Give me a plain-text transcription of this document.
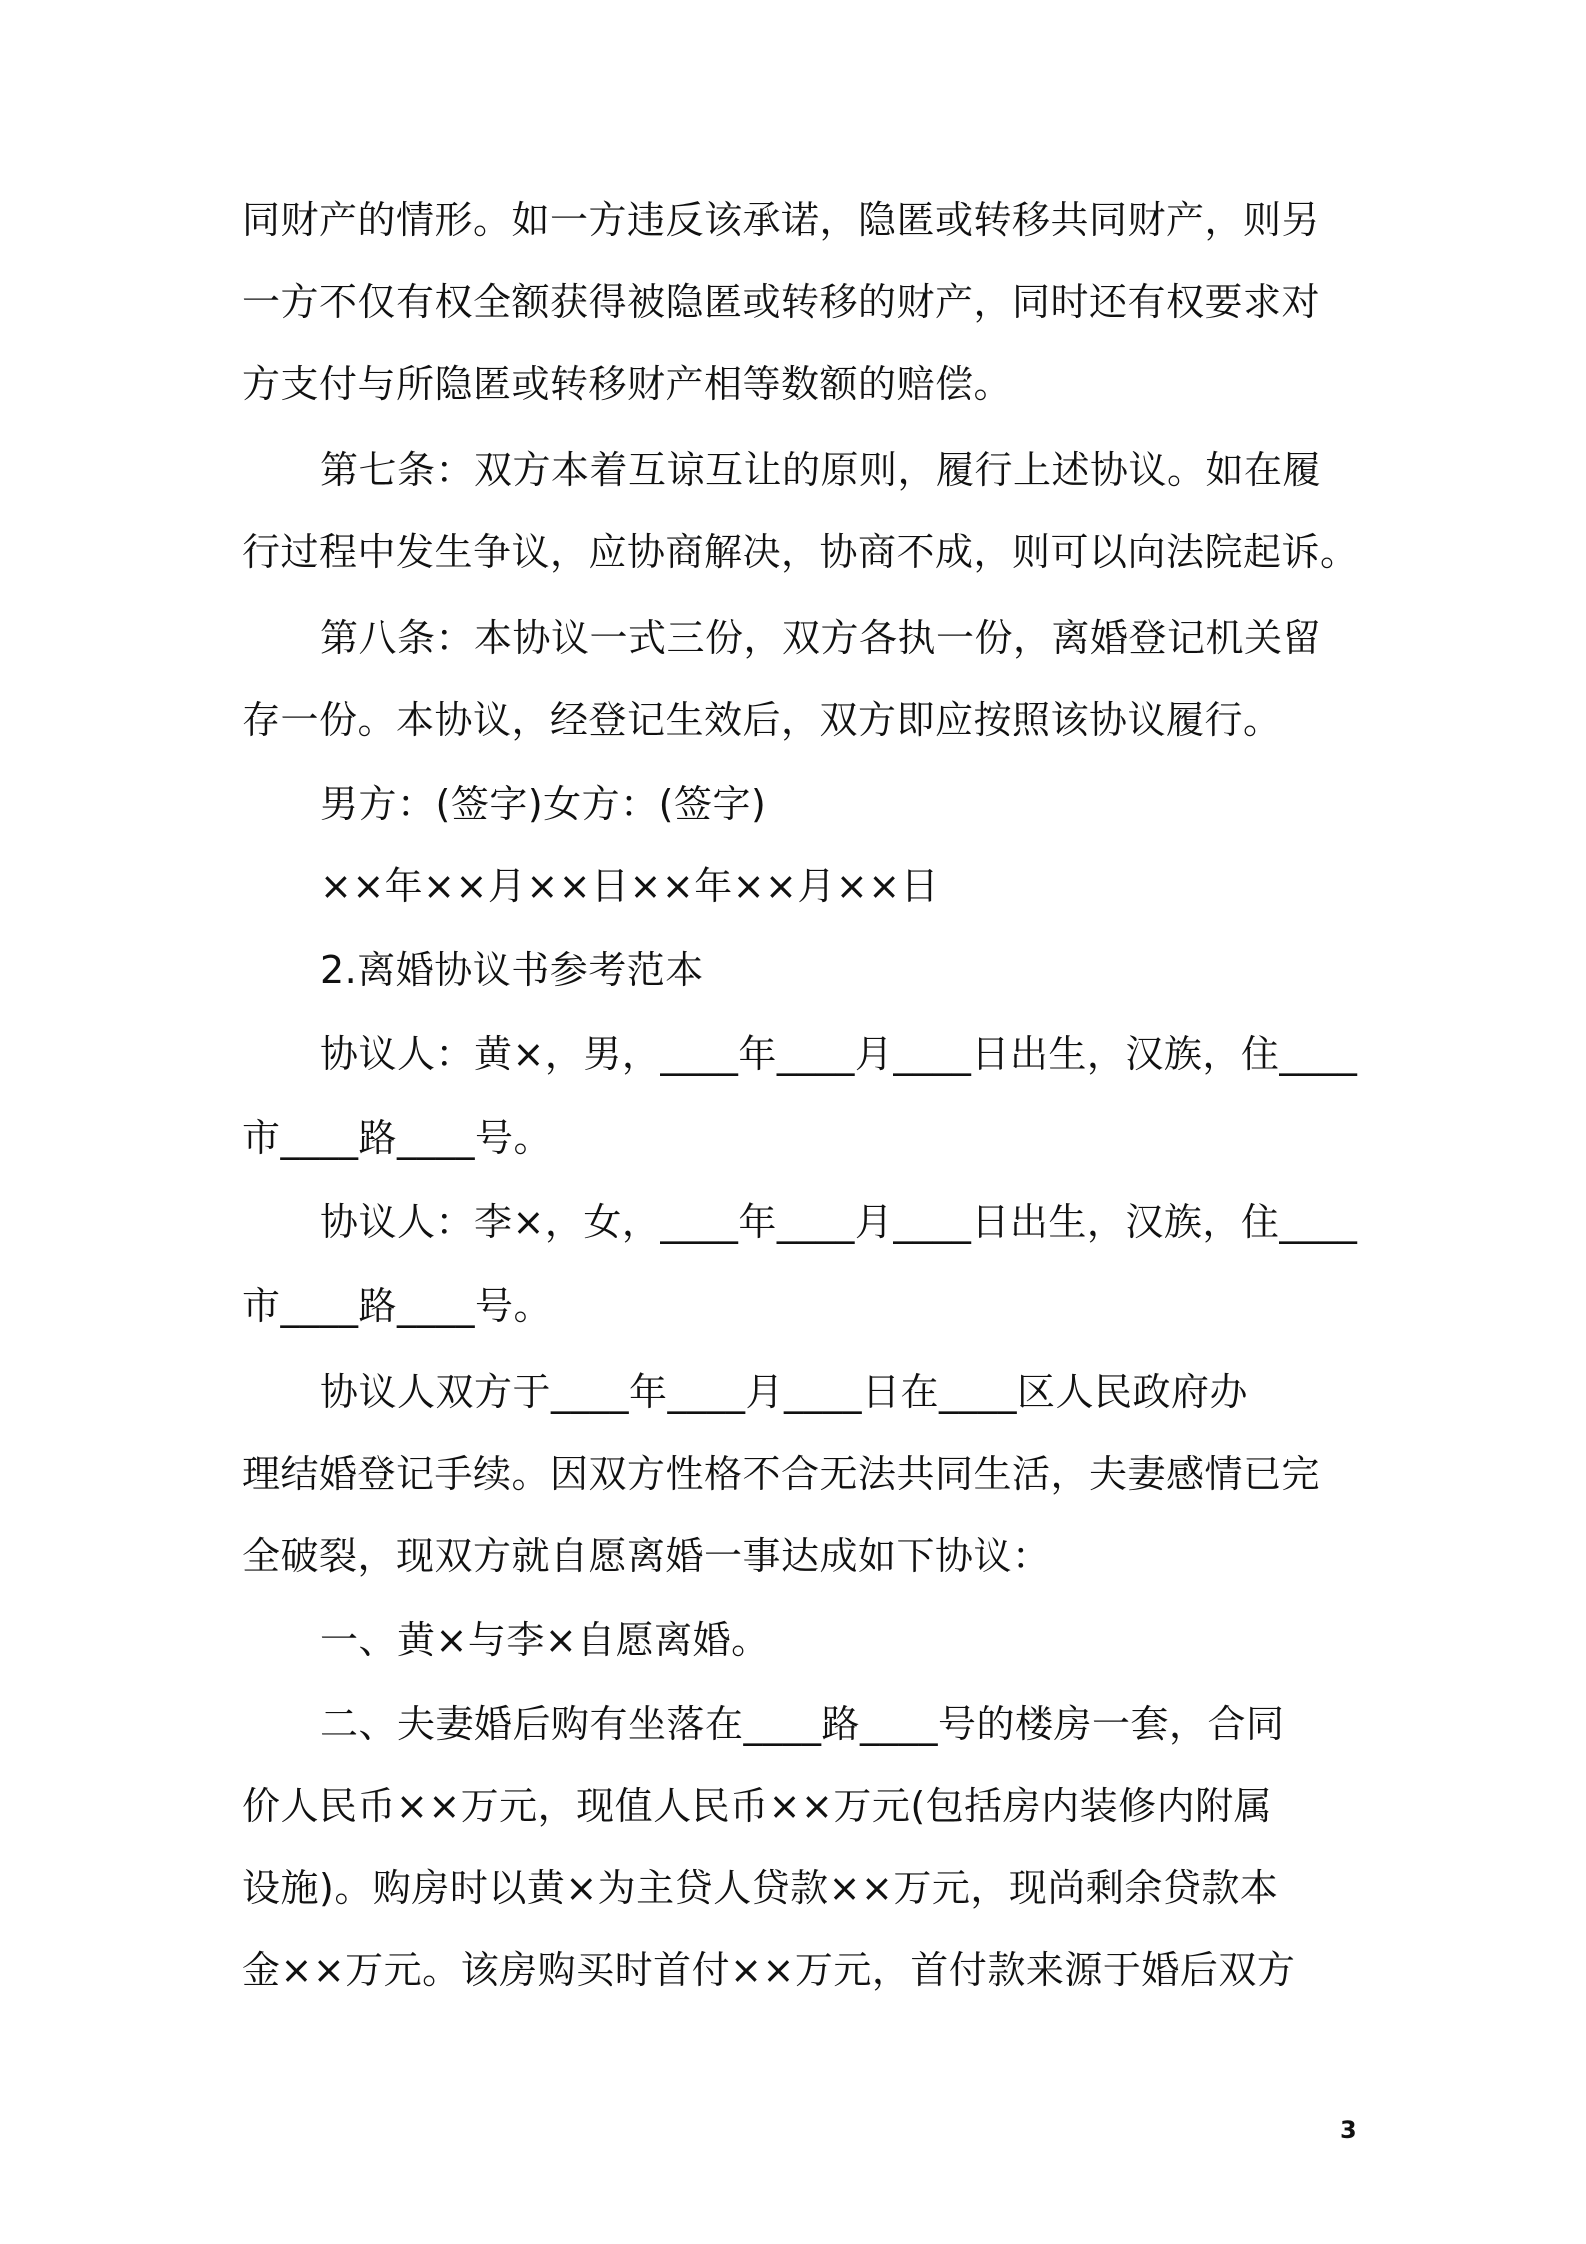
同财产的情形。如一方违反该承诺，隐匿或转移共同财产，则另
一方不仅有权全额获得被隐匿或转移的财产，同时还有权要求对
方支付与所隐匿或转移财产相等数额的赔偿。
第七条：双方本着互谅互让的原则，履行上述协议。如在履
行过程中发生争议，应协商解决，协商不成，则可以向法院起诉。
第八条：本协议一式三份，双方各执一份，离婚登记机关留
存一份。本协议，经登记生效后，双方即应按照该协议履行。
男方：(签字)女方：(签字)
××年××月××日××年××月××日
2.离婚协议书参考范本
协议人：黄×，男，____年____月____日出生，汉族，住____
市____路____号。
协议人：李×，女，____年____月____日出生，汉族，住____
市____路____号。
协议人双方于____年____月____日在____区人民政府办
理结婚登记手续。因双方性格不合无法共同生活，夫妻感情已完
全破裂，现双方就自愿离婚一事达成如下协议：
一、黄×与李×自愿离婚。
二、夫妻婚后购有坐落在____路____号的楼房一套，合同
价人民币××万元，现值人民币××万元(包括房内装修内附属
设施)。购房时以黄×为主贷人贷款××万元，现尚剩余贷款本
金××万元。该房购买时首付××万元，首付款来源于婚后双方
3
